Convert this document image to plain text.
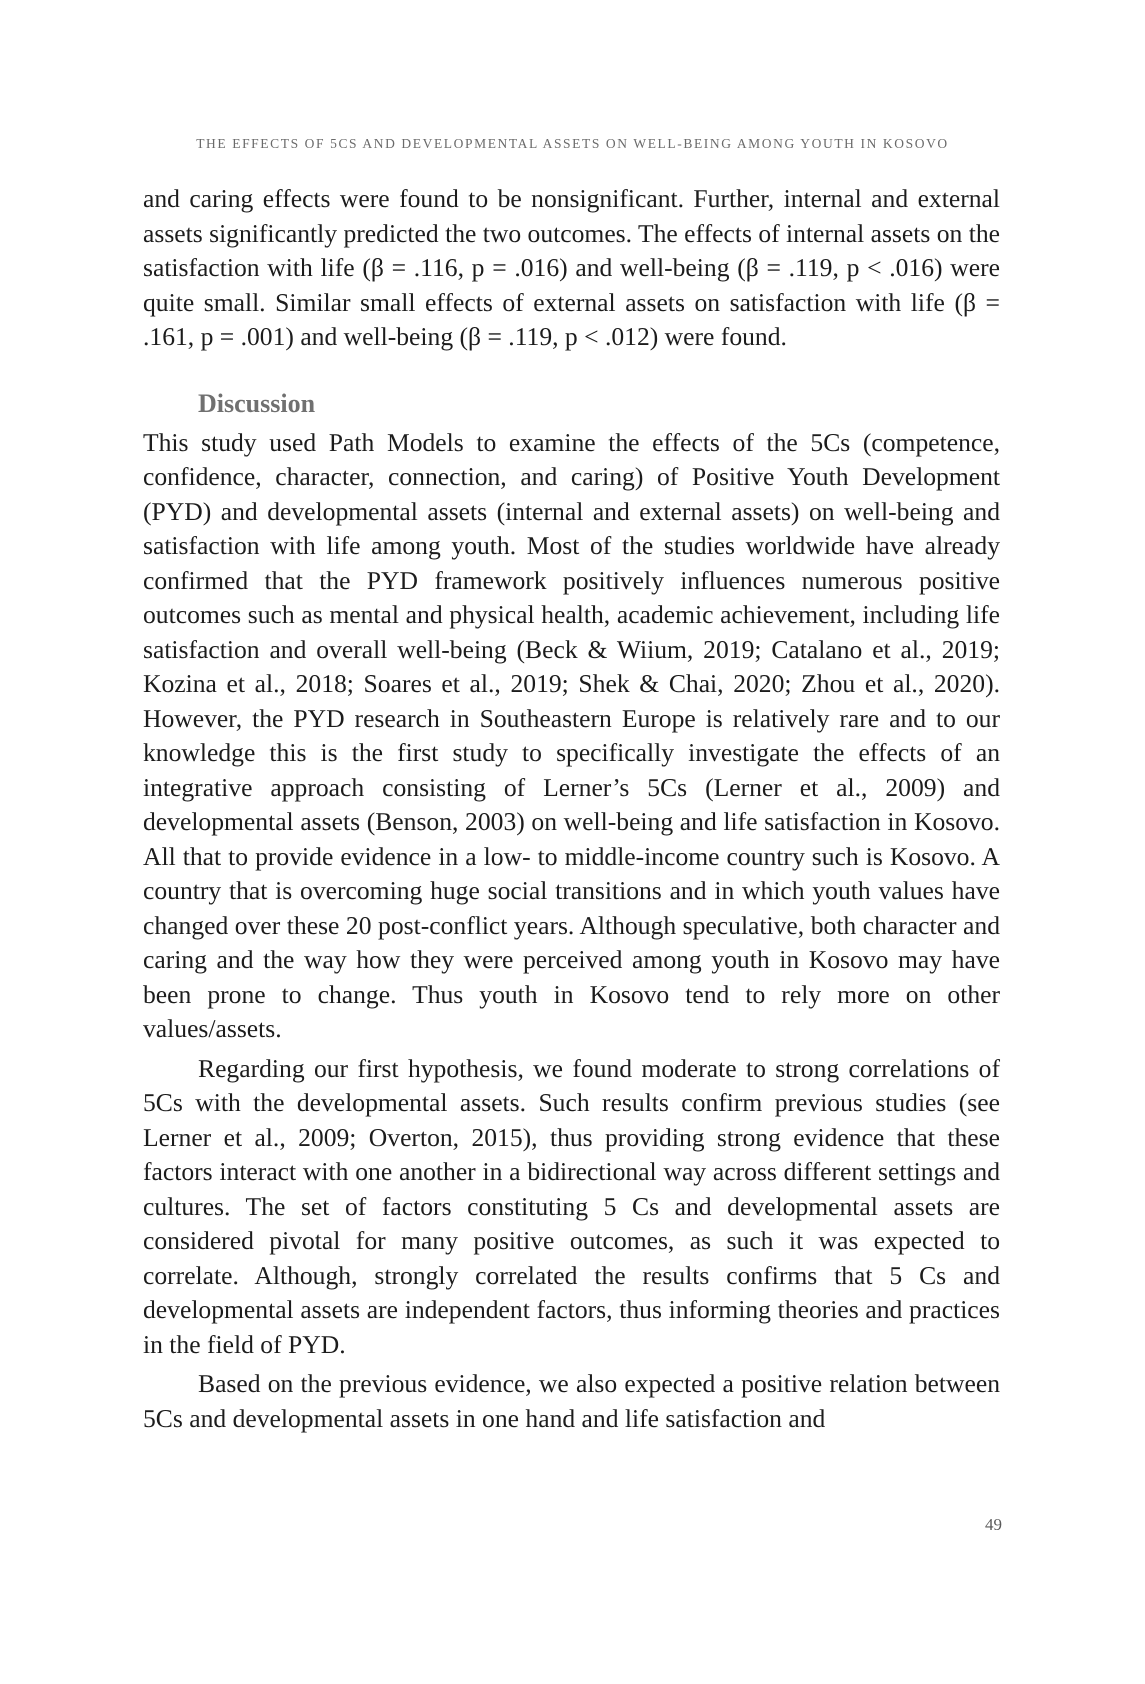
THE EFFECTS OF 5CS AND DEVELOPMENTAL ASSETS ON WELL-BEING AMONG YOUTH IN KOSOVO

and caring effects were found to be nonsignificant. Further, internal and external assets significantly predicted the two outcomes. The effects of internal assets on the satisfaction with life (β = .116, p = .016) and well-being (β = .119, p < .016) were quite small. Similar small effects of external assets on satisfaction with life (β = .161, p = .001) and well-being (β = .119, p < .012) were found.

Discussion

This study used Path Models to examine the effects of the 5Cs (competence, confidence, character, connection, and caring) of Positive Youth Development (PYD) and developmental assets (internal and external assets) on well-being and satisfaction with life among youth. Most of the studies worldwide have already confirmed that the PYD framework positively influences numerous positive outcomes such as mental and physical health, academic achievement, including life satisfaction and overall well-being (Beck & Wiium, 2019; Catalano et al., 2019; Kozina et al., 2018; Soares et al., 2019; Shek & Chai, 2020; Zhou et al., 2020). However, the PYD research in Southeastern Europe is relatively rare and to our knowledge this is the first study to specifically investigate the effects of an integrative approach consisting of Lerner’s 5Cs (Lerner et al., 2009) and developmental assets (Benson, 2003) on well-being and life satisfaction in Kosovo. All that to provide evidence in a low- to middle-income country such is Kosovo. A country that is overcoming huge social transitions and in which youth values have changed over these 20 post-conflict years. Although speculative, both character and caring and the way how they were perceived among youth in Kosovo may have been prone to change. Thus youth in Kosovo tend to rely more on other values/assets.

Regarding our first hypothesis, we found moderate to strong correlations of 5Cs with the developmental assets. Such results confirm previous studies (see Lerner et al., 2009; Overton, 2015), thus providing strong evidence that these factors interact with one another in a bidirectional way across different settings and cultures. The set of factors constituting 5 Cs and developmental assets are considered pivotal for many positive outcomes, as such it was expected to correlate. Although, strongly correlated the results confirms that 5 Cs and developmental assets are independent factors, thus informing theories and practices in the field of PYD.

Based on the previous evidence, we also expected a positive relation between 5Cs and developmental assets in one hand and life satisfaction and

49
